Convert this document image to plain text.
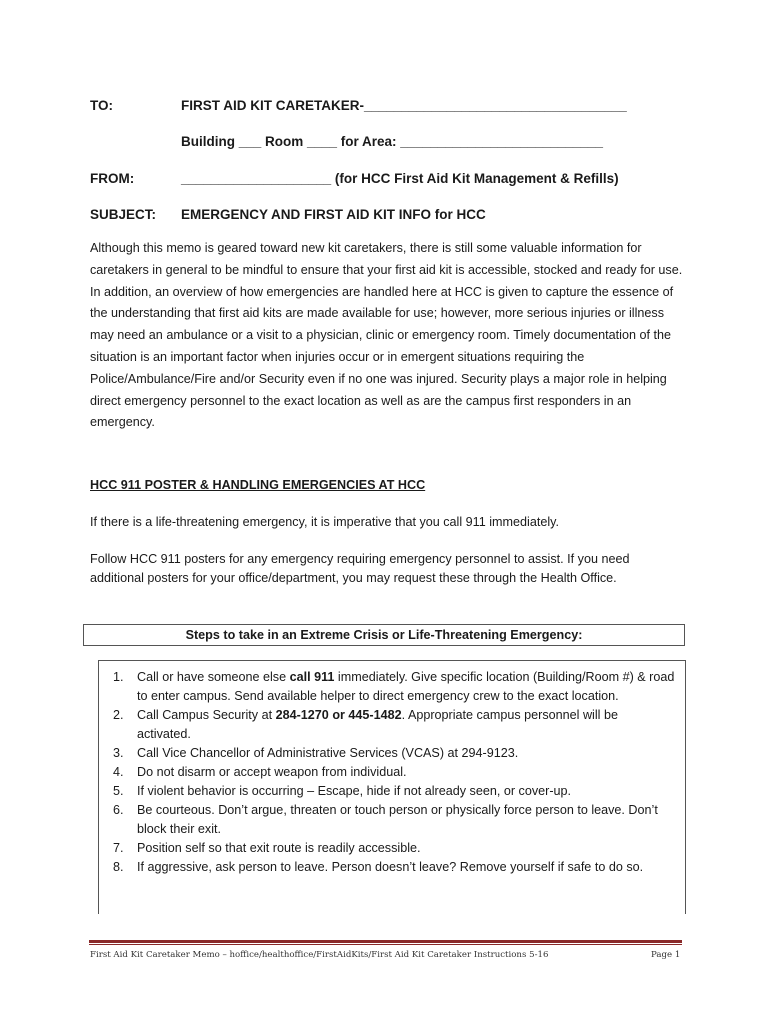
TO:	FIRST AID KIT CARETAKER-___________________________________
Building ___ Room ____ for Area: ___________________________
FROM:	____________________ (for HCC First Aid Kit Management & Refills)
SUBJECT: EMERGENCY AND FIRST AID KIT INFO for HCC
Although this memo is geared toward new kit caretakers, there is still some valuable information for caretakers in general to be mindful to ensure that your first aid kit is accessible, stocked and ready for use. In addition, an overview of how emergencies are handled here at HCC is given to capture the essence of the understanding that first aid kits are made available for use; however, more serious injuries or illness may need an ambulance or a visit to a physician, clinic or emergency room. Timely documentation of the situation is an important factor when injuries occur or in emergent situations requiring the Police/Ambulance/Fire and/or Security even if no one was injured. Security plays a major role in helping direct emergency personnel to the exact location as well as are the campus first responders in an emergency.
HCC 911 POSTER & HANDLING EMERGENCIES AT HCC
If there is a life-threatening emergency, it is imperative that you call 911 immediately.
Follow HCC 911 posters for any emergency requiring emergency personnel to assist. If you need additional posters for your office/department, you may request these through the Health Office.
Steps to take in an Extreme Crisis or Life-Threatening Emergency:
1. Call or have someone else call 911 immediately. Give specific location (Building/Room #) & road to enter campus. Send available helper to direct emergency crew to the exact location.
2. Call Campus Security at 284-1270 or 445-1482. Appropriate campus personnel will be activated.
3. Call Vice Chancellor of Administrative Services (VCAS) at 294-9123.
4. Do not disarm or accept weapon from individual.
5. If violent behavior is occurring – Escape, hide if not already seen, or cover-up.
6. Be courteous. Don’t argue, threaten or touch person or physically force person to leave. Don’t block their exit.
7. Position self so that exit route is readily accessible.
8. If aggressive, ask person to leave. Person doesn’t leave? Remove yourself if safe to do so.
First Aid Kit Caretaker Memo – hoffice/healthoffice/FirstAidKits/First Aid Kit Caretaker Instructions 5-16	Page 1
